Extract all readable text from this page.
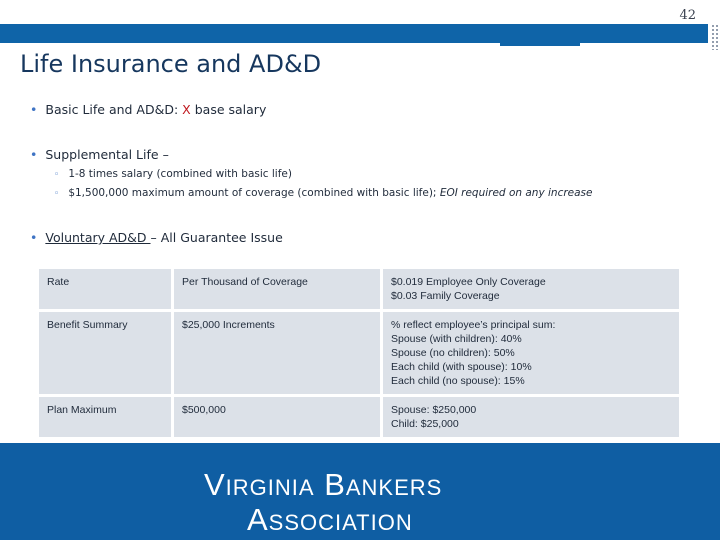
42
Life Insurance and AD&D
• Basic Life and AD&D: X base salary
• Supplemental Life –
◦ 1-8 times salary (combined with basic life)
◦ $1,500,000 maximum amount of coverage (combined with basic life); EOI required on any increase
• Voluntary AD&D – All Guarantee Issue
Rate	Per Thousand of Coverage	$0.019 Employee Only Coverage
$0.03 Family Coverage

Benefit Summary	$25,000 Increments	% reflect employee’s principal sum:
Spouse (with children): 40%
Spouse (no children): 50%
Each child (with spouse): 10%
Each child (no spouse): 15%

Plan Maximum	$500,000	Spouse: $250,000
Child: $25,000
Virginia Bankers
Association
